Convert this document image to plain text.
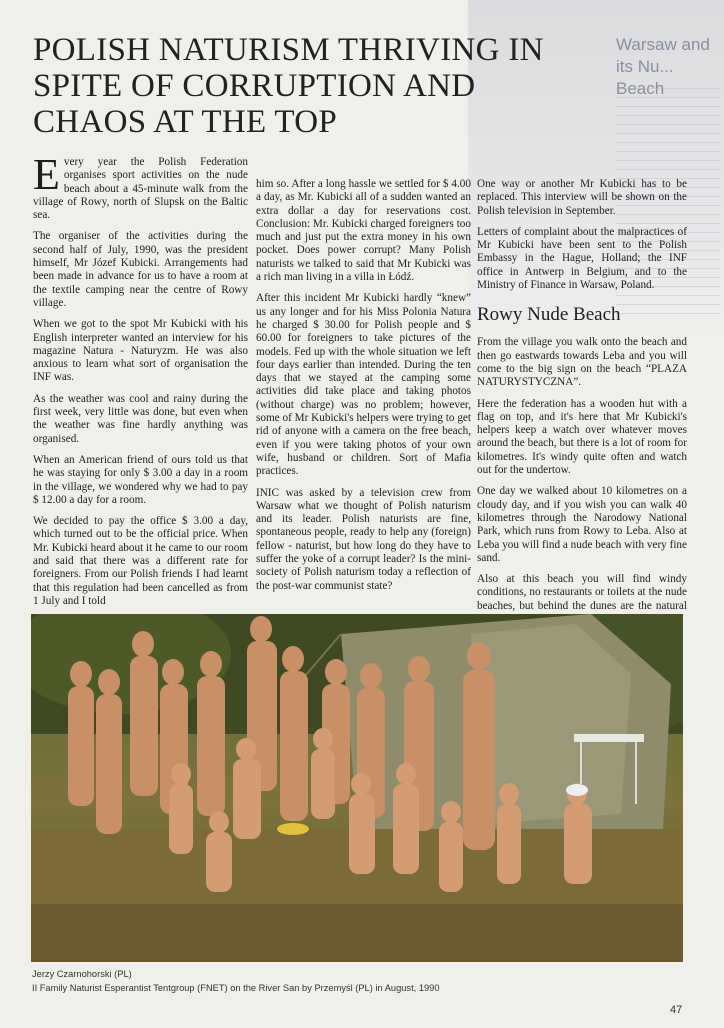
Warsaw and its Nu... Beach
POLISH NATURISM THRIVING IN SPITE OF CORRUPTION AND CHAOS AT THE TOP

E very year the Polish Federation organises sport activities on the nude beach about a 45-minute walk from the village of Rowy, north of Slupsk on the Baltic sea.

The organiser of the activities during the second half of July, 1990, was the president himself, Mr Józef Kubicki. Arrangements had been made in advance for us to have a room at the textile camping near the centre of Rowy village.

When we got to the spot Mr Kubicki with his English interpreter wanted an interview for his magazine Natura - Naturyzm. He was also anxious to learn what sort of organisation the INF was.

As the weather was cool and rainy during the first week, very little was done, but even when the weather was fine hardly anything was organised.

When an American friend of ours told us that he was staying for only $ 3.00 a day in a room in the village, we wondered why we had to pay $ 12.00 a day for a room.

We decided to pay the office $ 3.00 a day, which turned out to be the official price. When Mr. Kubicki heard about it he came to our room and said that there was a different rate for foreigners. From our Polish friends I had learnt that this regulation had been cancelled as from 1 July and I told

him so. After a long hassle we settled for $ 4.00 a day, as Mr. Kubicki all of a sudden wanted an extra dollar a day for reservations cost. Conclusion: Mr. Kubicki charged foreigners too much and just put the extra money in his own pocket. Does power corrupt? Many Polish naturists we talked to said that Mr Kubicki was a rich man living in a villa in Łódź.

After this incident Mr Kubicki hardly “knew” us any longer and for his Miss Polonia Natura he charged $ 30.00 for Polish people and $ 60.00 for foreigners to take pictures of the models. Fed up with the whole situation we left four days earlier than intended. During the ten days that we stayed at the camping some activities did take place and taking photos (without charge) was no problem; however, some of Mr Kubicki's helpers were trying to get rid of anyone with a camera on the free beach, even if you were taking photos of your own wife, husband or children. Sort of Mafia practices.

INIC was asked by a television crew from Warsaw what we thought of Polish naturism and its leader. Polish naturists are fine, spontaneous people, ready to help any (foreign) fellow - naturist, but how long do they have to suffer the yoke of a corrupt leader? Is the mini-society of Polish naturism today a reflection of the post-war communist state?

One way or another Mr Kubicki has to be replaced. This interview will be shown on the Polish television in September.

Letters of complaint about the malpractices of Mr Kubicki have been sent to the Polish Embassy in the Hague, Holland; the INF office in Antwerp in Belgium, and to the Ministry of Finance in Warsaw, Poland.

Rowy Nude Beach

From the village you walk onto the beach and then go eastwards towards Leba and you will come to the big sign on the beach “PLAZA NATURYSTYCZNA”.

Here the federation has a wooden hut with a flag on top, and it's here that Mr Kubicki's helpers keep a watch over whatever moves around the beach, but there is a lot of room for kilometres. It's windy quite often and watch out for the undertow.

One day we walked about 10 kilometres on a cloudy day, and if you wish you can walk 40 kilometres through the Narodowy National Park, which runs from Rowy to Leba. Also at Leba you will find a nude beach with very fine sand.

Also at this beach you will find windy conditions, no restaurants or toilets at the nude beaches, but behind the dunes are the natural

Jerzy Czarnohorski (PL)
II Family Naturist Esperantist Tentgroup (FNET) on the River San by Przemyśl (PL) in August, 1990
47
